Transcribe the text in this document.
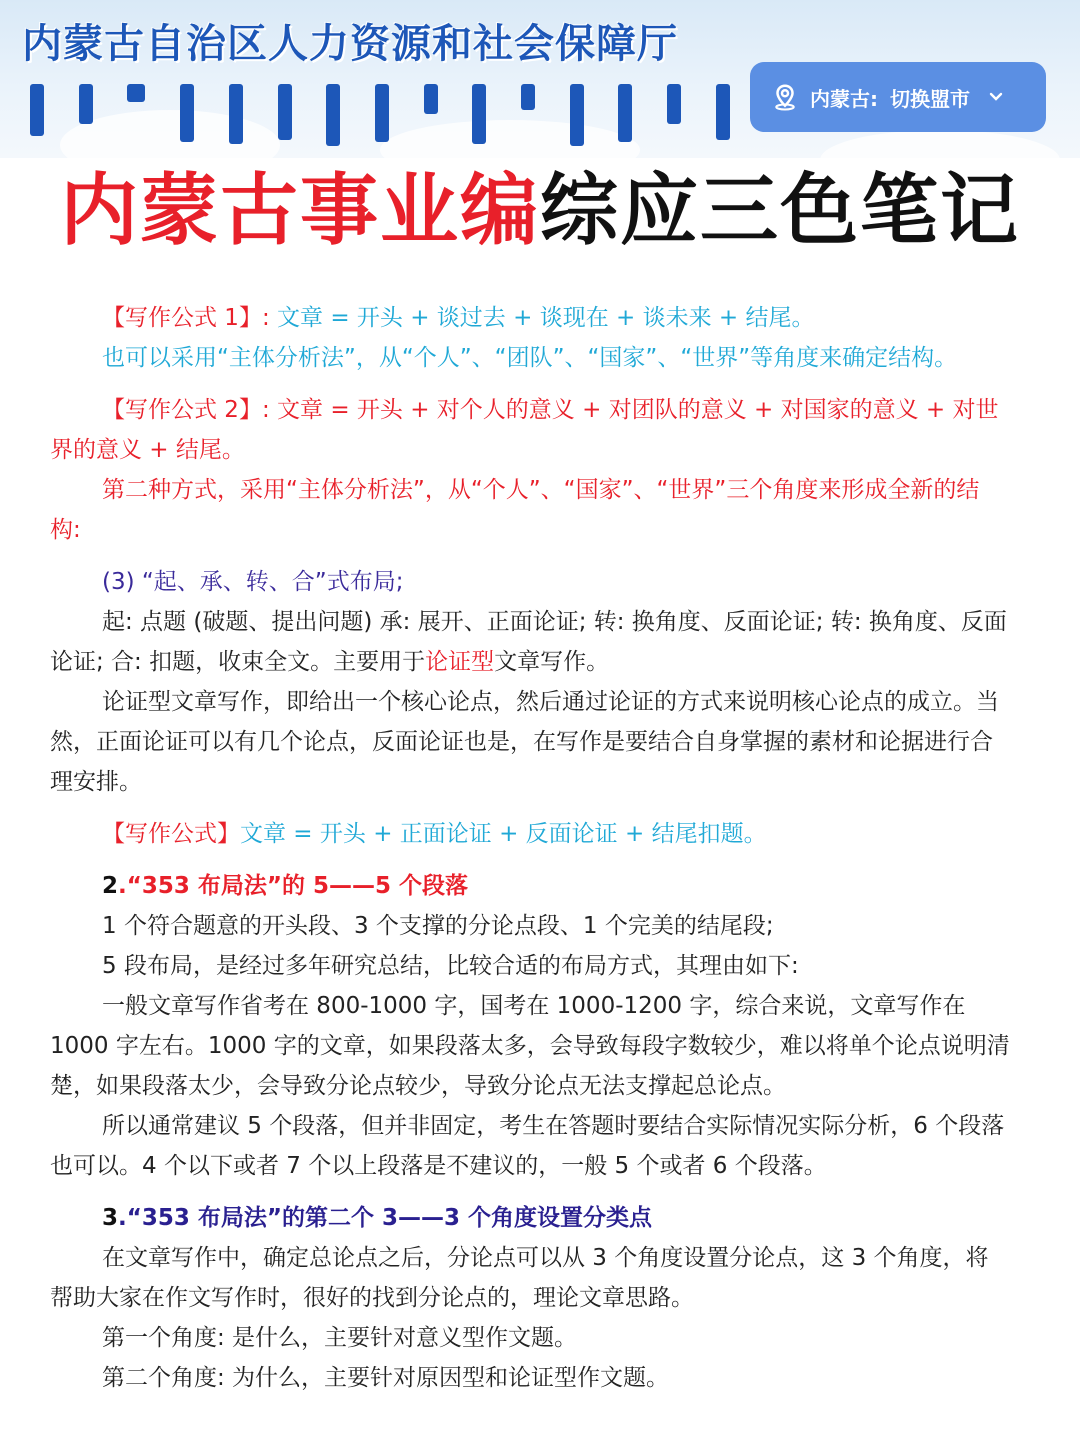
内蒙古自治区人力资源和社会保障厅
内蒙古: 切换盟市
内蒙古事业编综应三色笔记

【写作公式 1】: 文章 = 开头 + 谈过去 + 谈现在 + 谈未来 + 结尾。

也可以采用“主体分析法”，从“个人”、“团队”、“国家”、“世界”等角度来确定结构。

【写作公式 2】: 文章 = 开头 + 对个人的意义 + 对团队的意义 + 对国家的意义 + 对世界的意义 + 结尾。

第二种方式，采用“主体分析法”，从“个人”、“国家”、“世界”三个角度来形成全新的结构:

(3) “起、承、转、合”式布局;

起: 点题 (破题、提出问题) 承: 展开、正面论证; 转: 换角度、反面论证; 转: 换角度、反面论证; 合: 扣题，收束全文。主要用于论证型文章写作。

论证型文章写作，即给出一个核心论点，然后通过论证的方式来说明核心论点的成立。当然，正面论证可以有几个论点，反面论证也是，在写作是要结合自身掌握的素材和论据进行合理安排。

【写作公式】文章 = 开头 + 正面论证 + 反面论证 + 结尾扣题。

2.“353 布局法”的 5——5 个段落

1 个符合题意的开头段、3 个支撑的分论点段、1 个完美的结尾段;

5 段布局，是经过多年研究总结，比较合适的布局方式，其理由如下:

一般文章写作省考在 800-1000 字，国考在 1000-1200 字，综合来说，文章写作在 1000 字左右。1000 字的文章，如果段落太多，会导致每段字数较少，难以将单个论点说明清楚，如果段落太少，会导致分论点较少，导致分论点无法支撑起总论点。

所以通常建议 5 个段落，但并非固定，考生在答题时要结合实际情况实际分析，6 个段落也可以。4 个以下或者 7 个以上段落是不建议的，一般 5 个或者 6 个段落。

3.“353 布局法”的第二个 3——3 个角度设置分类点

在文章写作中，确定总论点之后，分论点可以从 3 个角度设置分论点，这 3 个角度，将帮助大家在作文写作时，很好的找到分论点的，理论文章思路。

第一个角度: 是什么，主要针对意义型作文题。

第二个角度: 为什么，主要针对原因型和论证型作文题。
